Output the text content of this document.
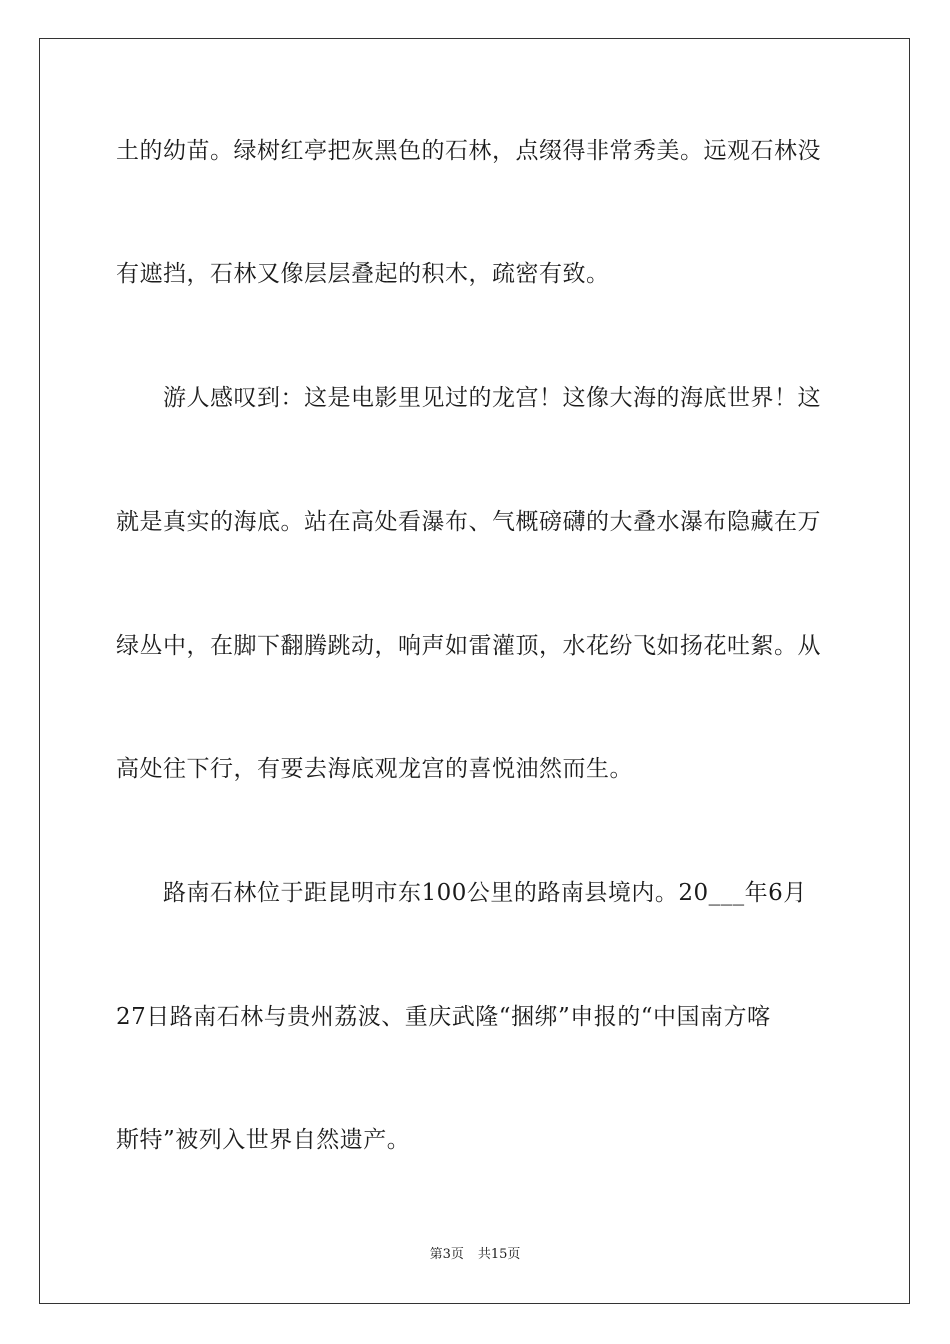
土的幼苗。绿树红亭把灰黑色的石林，点缀得非常秀美。远观石林没
有遮挡，石林又像层层叠起的积木，疏密有致。
　　游人感叹到：这是电影里见过的龙宫！这像大海的海底世界！这
就是真实的海底。站在高处看瀑布、气概磅礴的大叠水瀑布隐藏在万
绿丛中，在脚下翻腾跳动，响声如雷灌顶，水花纷飞如扬花吐絮。从
高处往下行，有要去海底观龙宫的喜悦油然而生。
　　路南石林位于距昆明市东100公里的路南县境内。20___年6月
27日路南石林与贵州荔波、重庆武隆“捆绑”申报的“中国南方喀
斯特”被列入世界自然遗产。
第3页 共15页
